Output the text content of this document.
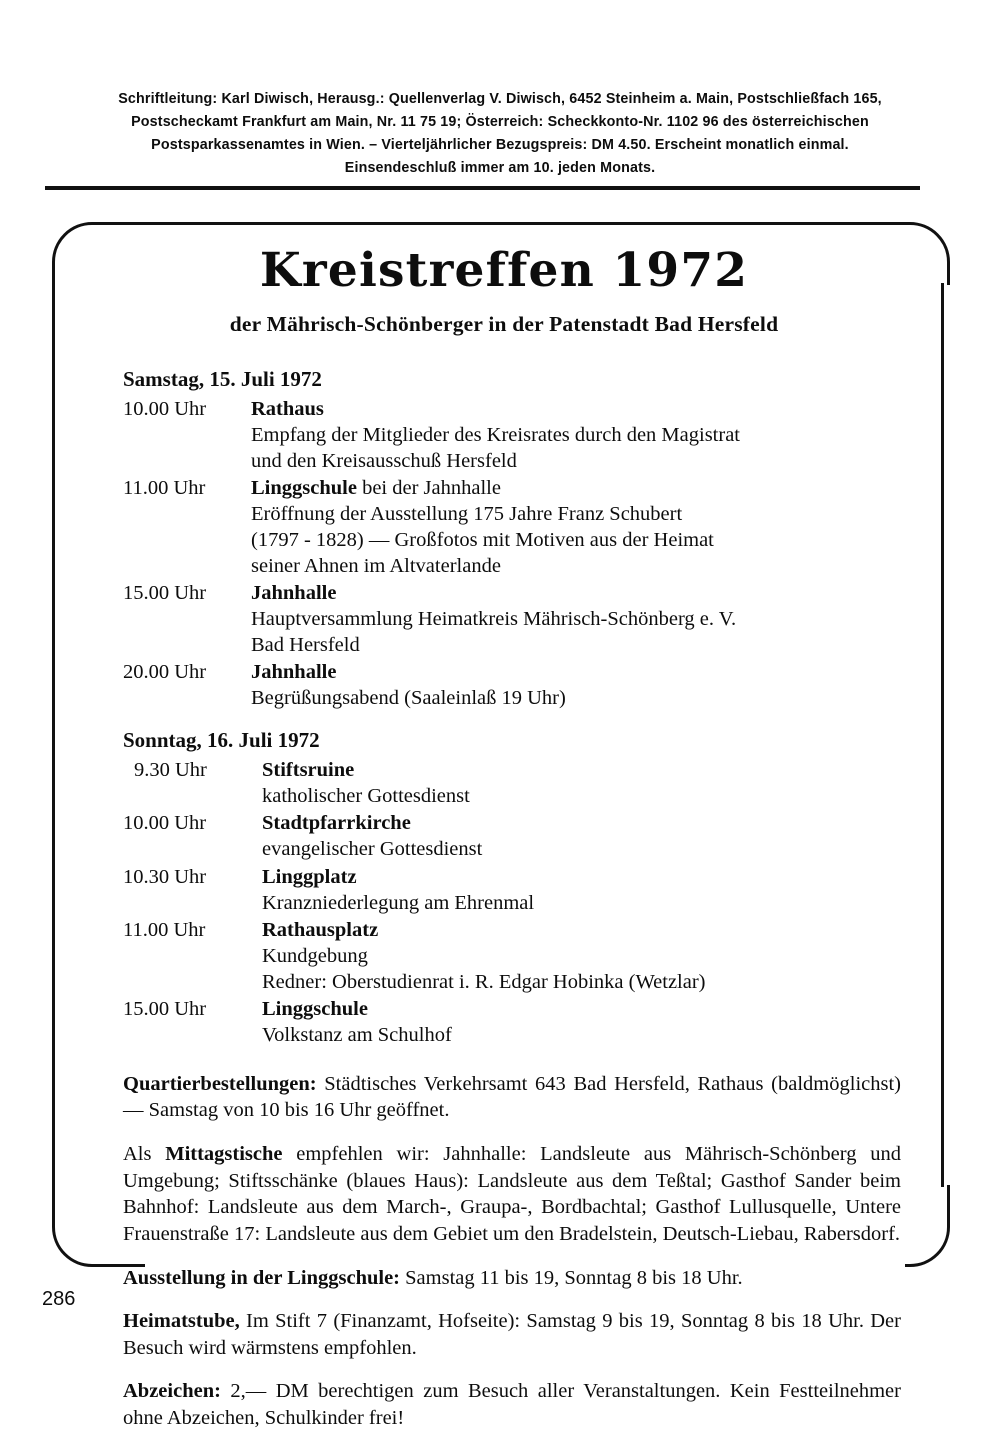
Schriftleitung: Karl Diwisch, Herausg.: Quellenverlag V. Diwisch, 6452 Steinheim a. Main, Postschließfach 165,
Postscheckamt Frankfurt am Main, Nr. 11 75 19; Österreich: Scheckkonto-Nr. 1102 96 des österreichischen
Postsparkassenamtes in Wien. – Vierteljährlicher Bezugspreis: DM 4.50. Erscheint monatlich einmal.
Einsendeschluß immer am 10. jeden Monats.
Kreistreffen 1972
der Mährisch-Schönberger in der Patenstadt Bad Hersfeld
Samstag, 15. Juli 1972
10.00 Uhr	Rathaus
Empfang der Mitglieder des Kreisrates durch den Magistrat
und den Kreisausschuß Hersfeld

11.00 Uhr	Linggschule bei der Jahnhalle
Eröffnung der Ausstellung 175 Jahre Franz Schubert
(1797 - 1828) — Großfotos mit Motiven aus der Heimat
seiner Ahnen im Altvaterlande

15.00 Uhr	Jahnhalle
Hauptversammlung Heimatkreis Mährisch-Schönberg e. V.
Bad Hersfeld

20.00 Uhr	Jahnhalle
Begrüßungsabend (Saaleinlaß 19 Uhr)
Sonntag, 16. Juli 1972
9.30 Uhr	Stiftsruine
katholischer Gottesdienst

10.00 Uhr	Stadtpfarrkirche
evangelischer Gottesdienst

10.30 Uhr	Linggplatz
Kranzniederlegung am Ehrenmal

11.00 Uhr	Rathausplatz
Kundgebung
Redner: Oberstudienrat i. R. Edgar Hobinka (Wetzlar)

15.00 Uhr	Linggschule
Volkstanz am Schulhof

Quartierbestellungen: Städtisches Verkehrsamt 643 Bad Hersfeld, Rathaus (baldmöglichst) — Samstag von 10 bis 16 Uhr geöffnet.

Als Mittagstische empfehlen wir: Jahnhalle: Landsleute aus Mährisch-Schönberg und Umgebung; Stiftsschänke (blaues Haus): Landsleute aus dem Teßtal; Gasthof Sander beim Bahnhof: Landsleute aus dem March-, Graupa-, Bordbachtal; Gasthof Lullusquelle, Untere Frauenstraße 17: Landsleute aus dem Gebiet um den Bradelstein, Deutsch-Liebau, Rabersdorf.

Ausstellung in der Linggschule: Samstag 11 bis 19, Sonntag 8 bis 18 Uhr.

Heimatstube, Im Stift 7 (Finanzamt, Hofseite): Samstag 9 bis 19, Sonntag 8 bis 18 Uhr. Der Besuch wird wärmstens empfohlen.

Abzeichen: 2,— DM berechtigen zum Besuch aller Veranstaltungen. Kein Festteilnehmer ohne Abzeichen, Schulkinder frei!

286
